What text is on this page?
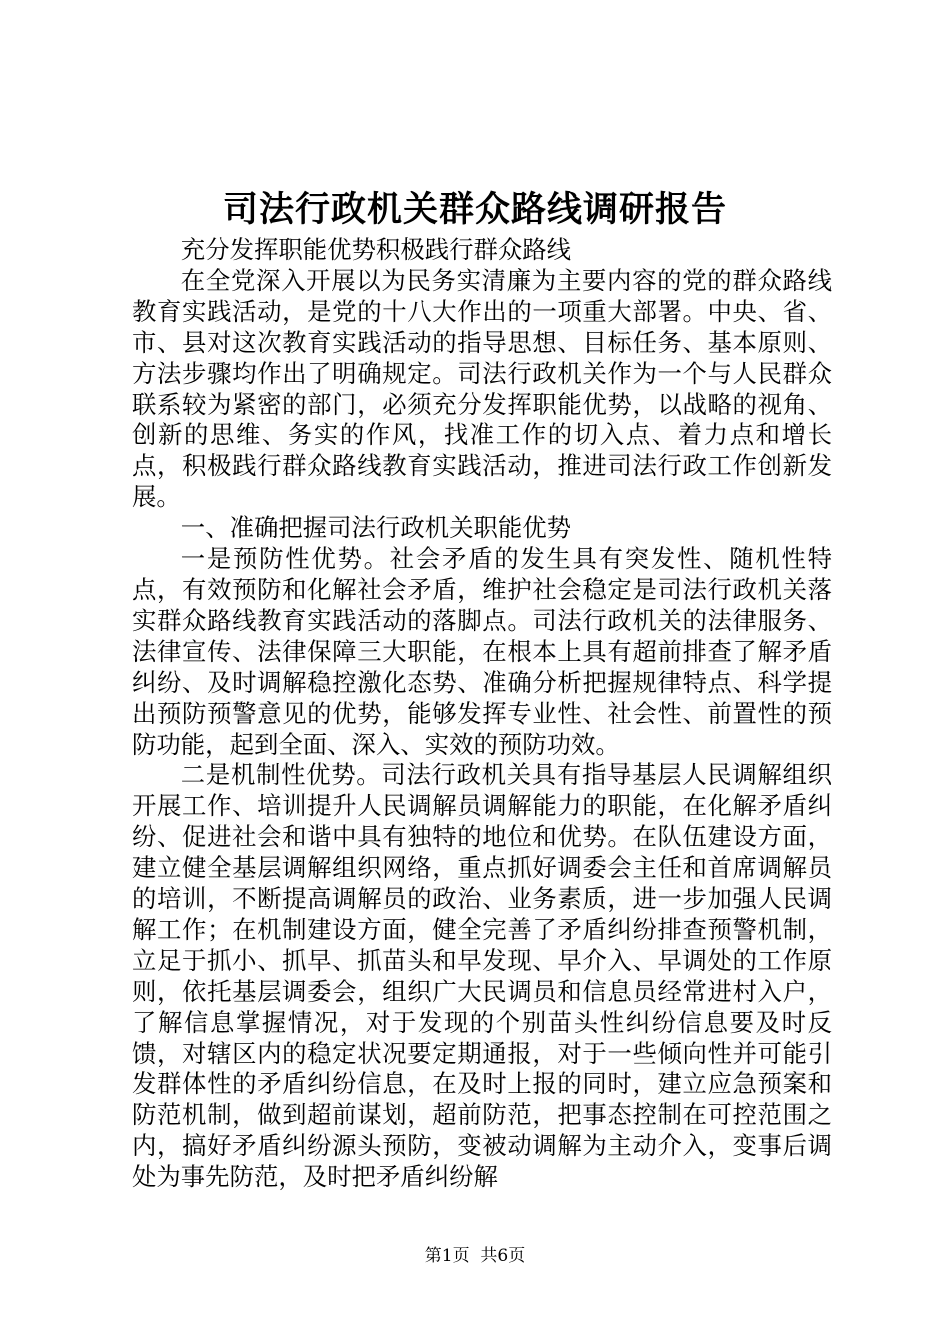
司法行政机关群众路线调研报告

充分发挥职能优势积极践行群众路线

在全党深入开展以为民务实清廉为主要内容的党的群众路线教育实践活动，是党的十八大作出的一项重大部署。中央、省、市、县对这次教育实践活动的指导思想、目标任务、基本原则、方法步骤均作出了明确规定。司法行政机关作为一个与人民群众联系较为紧密的部门，必须充分发挥职能优势，以战略的视角、创新的思维、务实的作风，找准工作的切入点、着力点和增长点，积极践行群众路线教育实践活动，推进司法行政工作创新发展。

一、准确把握司法行政机关职能优势

一是预防性优势。社会矛盾的发生具有突发性、随机性特点，有效预防和化解社会矛盾，维护社会稳定是司法行政机关落实群众路线教育实践活动的落脚点。司法行政机关的法律服务、法律宣传、法律保障三大职能，在根本上具有超前排查了解矛盾纠纷、及时调解稳控激化态势、准确分析把握规律特点、科学提出预防预警意见的优势，能够发挥专业性、社会性、前置性的预防功能，起到全面、深入、实效的预防功效。

二是机制性优势。司法行政机关具有指导基层人民调解组织开展工作、培训提升人民调解员调解能力的职能，在化解矛盾纠纷、促进社会和谐中具有独特的地位和优势。在队伍建设方面，建立健全基层调解组织网络，重点抓好调委会主任和首席调解员的培训，不断提高调解员的政治、业务素质，进一步加强人民调解工作；在机制建设方面，健全完善了矛盾纠纷排查预警机制，立足于抓小、抓早、抓苗头和早发现、早介入、早调处的工作原则，依托基层调委会，组织广大民调员和信息员经常进村入户，了解信息掌握情况，对于发现的个别苗头性纠纷信息要及时反馈，对辖区内的稳定状况要定期通报，对于一些倾向性并可能引发群体性的矛盾纠纷信息，在及时上报的同时，建立应急预案和防范机制，做到超前谋划，超前防范，把事态控制在可控范围之内，搞好矛盾纠纷源头预防，变被动调解为主动介入，变事后调处为事先防范，及时把矛盾纠纷解

第1页  共6页
